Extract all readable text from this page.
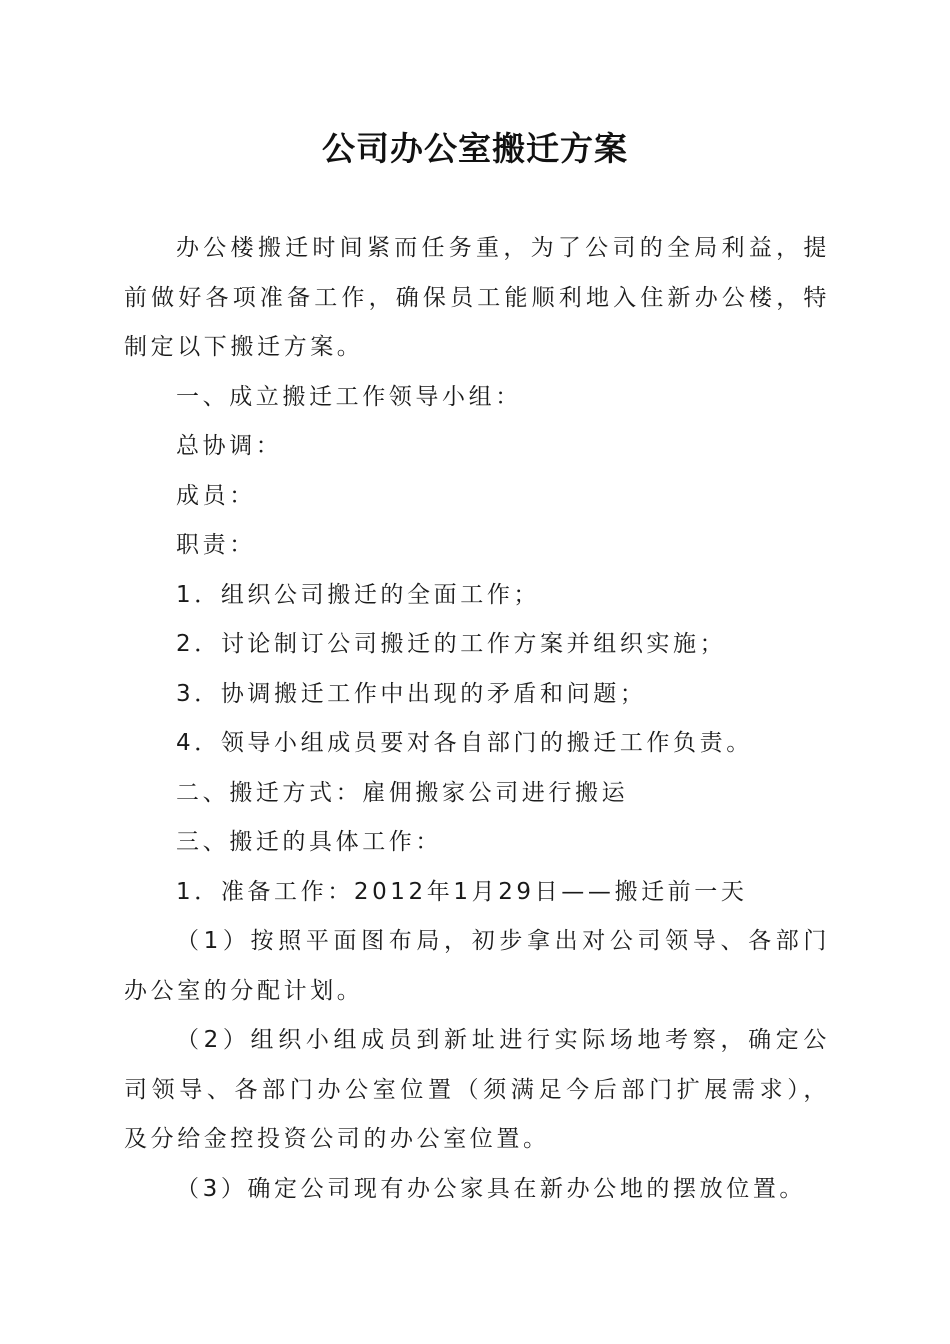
公司办公室搬迁方案

办公楼搬迁时间紧而任务重，为了公司的全局利益，提前做好各项准备工作，确保员工能顺利地入住新办公楼，特制定以下搬迁方案。

一、成立搬迁工作领导小组：

总协调：

成员：

职责：

1．组织公司搬迁的全面工作；

2．讨论制订公司搬迁的工作方案并组织实施；

3．协调搬迁工作中出现的矛盾和问题；

4．领导小组成员要对各自部门的搬迁工作负责。

二、搬迁方式：雇佣搬家公司进行搬运

三、搬迁的具体工作：

1．准备工作：2012年1月29日——搬迁前一天

（1）按照平面图布局，初步拿出对公司领导、各部门办公室的分配计划。

（2）组织小组成员到新址进行实际场地考察，确定公司领导、各部门办公室位置（须满足今后部门扩展需求），及分给金控投资公司的办公室位置。

（3）确定公司现有办公家具在新办公地的摆放位置。
